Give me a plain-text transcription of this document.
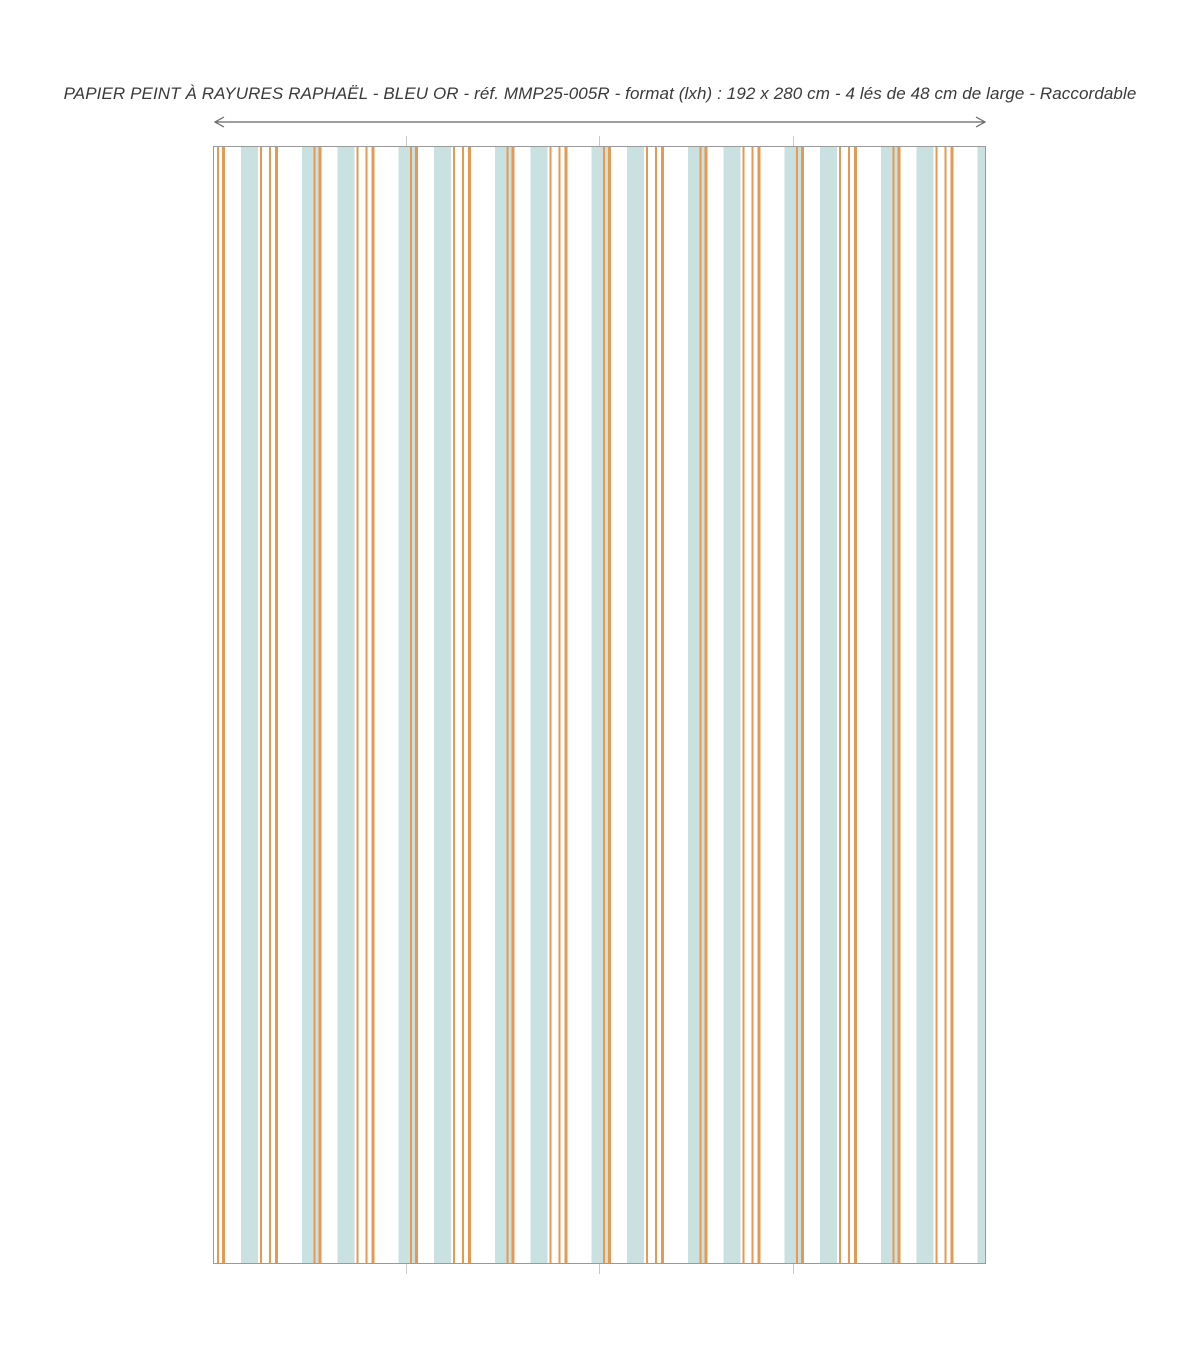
PAPIER PEINT À RAYURES RAPHAËL - BLEU OR - réf. MMP25-005R - format (lxh) : 192 x 280 cm - 4 lés de 48 cm de large - Raccordable
